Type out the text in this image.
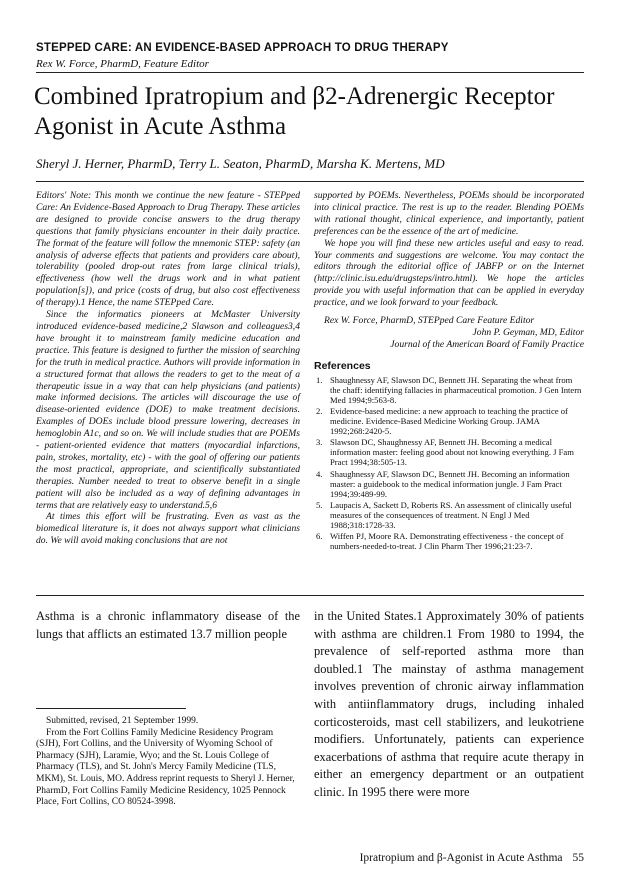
STEPPED CARE: AN EVIDENCE-BASED APPROACH TO DRUG THERAPY
Rex W. Force, PharmD, Feature Editor
Combined Ipratropium and β2-Adrenergic Receptor Agonist in Acute Asthma
Sheryl J. Herner, PharmD, Terry L. Seaton, PharmD, Marsha K. Mertens, MD

Editors' Note: This month we continue the new feature - STEPped Care: An Evidence-Based Approach to Drug Therapy. These articles are designed to provide concise answers to the drug therapy questions that family physicians encounter in their daily practice. The format of the feature will follow the mnemonic STEP: safety (an analysis of adverse effects that patients and providers care about), tolerability (pooled drop-out rates from large clinical trials), effectiveness (how well the drugs work and in what patient population[s]), and price (costs of drug, but also cost effectiveness of therapy).1 Hence, the name STEPped Care.

Since the informatics pioneers at McMaster University introduced evidence-based medicine,2 Slawson and colleagues3,4 have brought it to mainstream family medicine education and practice. This feature is designed to further the mission of searching for the truth in medical practice. Authors will provide information in a structured format that allows the readers to get to the meat of a therapeutic issue in a way that can help physicians (and patients) make informed decisions. The articles will discourage the use of disease-oriented evidence (DOE) to make treatment decisions. Examples of DOEs include blood pressure lowering, decreases in hemoglobin A1c, and so on. We will include studies that are POEMs - patient-oriented evidence that matters (myocardial infarctions, pain, strokes, mortality, etc) - with the goal of offering our patients the most practical, appropriate, and scientifically substantiated therapies. Number needed to treat to observe benefit in a single patient will also be included as a way of defining advantages in terms that are relatively easy to understand.5,6

At times this effort will be frustrating. Even as vast as the biomedical literature is, it does not always support what clinicians do. We will avoid making conclusions that are not

supported by POEMs. Nevertheless, POEMs should be incorporated into clinical practice. The rest is up to the reader. Blending POEMs with rational thought, clinical experience, and importantly, patient preferences can be the essence of the art of medicine.

We hope you will find these new articles useful and easy to read. Your comments and suggestions are welcome. You may contact the editors through the editorial office of JABFP or on the Internet (http://clinic.isu.edu/drugsteps/intro.html). We hope the articles provide you with useful information that can be applied in everyday practice, and we look forward to your feedback.

Rex W. Force, PharmD, STEPped Care Feature Editor
John P. Geyman, MD, Editor
Journal of the American Board of Family Practice

References

1. Shaughnessy AF, Slawson DC, Bennett JH. Separating the wheat from the chaff: identifying fallacies in pharmaceutical promotion. J Gen Intern Med 1994;9:563-8.
2. Evidence-based medicine: a new approach to teaching the practice of medicine. Evidence-Based Medicine Working Group. JAMA 1992;268:2420-5.
3. Slawson DC, Shaughnessy AF, Bennett JH. Becoming a medical information master: feeling good about not knowing everything. J Fam Pract 1994;38:505-13.
4. Shaughnessy AF, Slawson DC, Bennett JH. Becoming an information master: a guidebook to the medical information jungle. J Fam Pract 1994;39:489-99.
5. Laupacis A, Sackett D, Roberts RS. An assessment of clinically useful measures of the consequences of treatment. N Engl J Med 1988;318:1728-33.
6. Wiffen PJ, Moore RA. Demonstrating effectiveness - the concept of numbers-needed-to-treat. J Clin Pharm Ther 1996;21:23-7.

Asthma is a chronic inflammatory disease of the lungs that afflicts an estimated 13.7 million people

Submitted, revised, 21 September 1999.

From the Fort Collins Family Medicine Residency Program (SJH), Fort Collins, and the University of Wyoming School of Pharmacy (SJH), Laramie, Wyo; and the St. Louis College of Pharmacy (TLS), and St. John's Mercy Family Medicine (TLS, MKM), St. Louis, MO. Address reprint requests to Sheryl J. Herner, PharmD, Fort Collins Family Medicine Residency, 1025 Pennock Place, Fort Collins, CO 80524-3998.

in the United States.1 Approximately 30% of patients with asthma are children.1 From 1980 to 1994, the prevalence of self-reported asthma more than doubled.1 The mainstay of asthma management involves prevention of chronic airway inflammation with antiinflammatory drugs, including inhaled corticosteroids, mast cell stabilizers, and leukotriene modifiers. Unfortunately, patients can experience exacerbations of asthma that require acute therapy in either an emergency department or an outpatient clinic. In 1995 there were more

Ipratropium and β-Agonist in Acute Asthma 55
